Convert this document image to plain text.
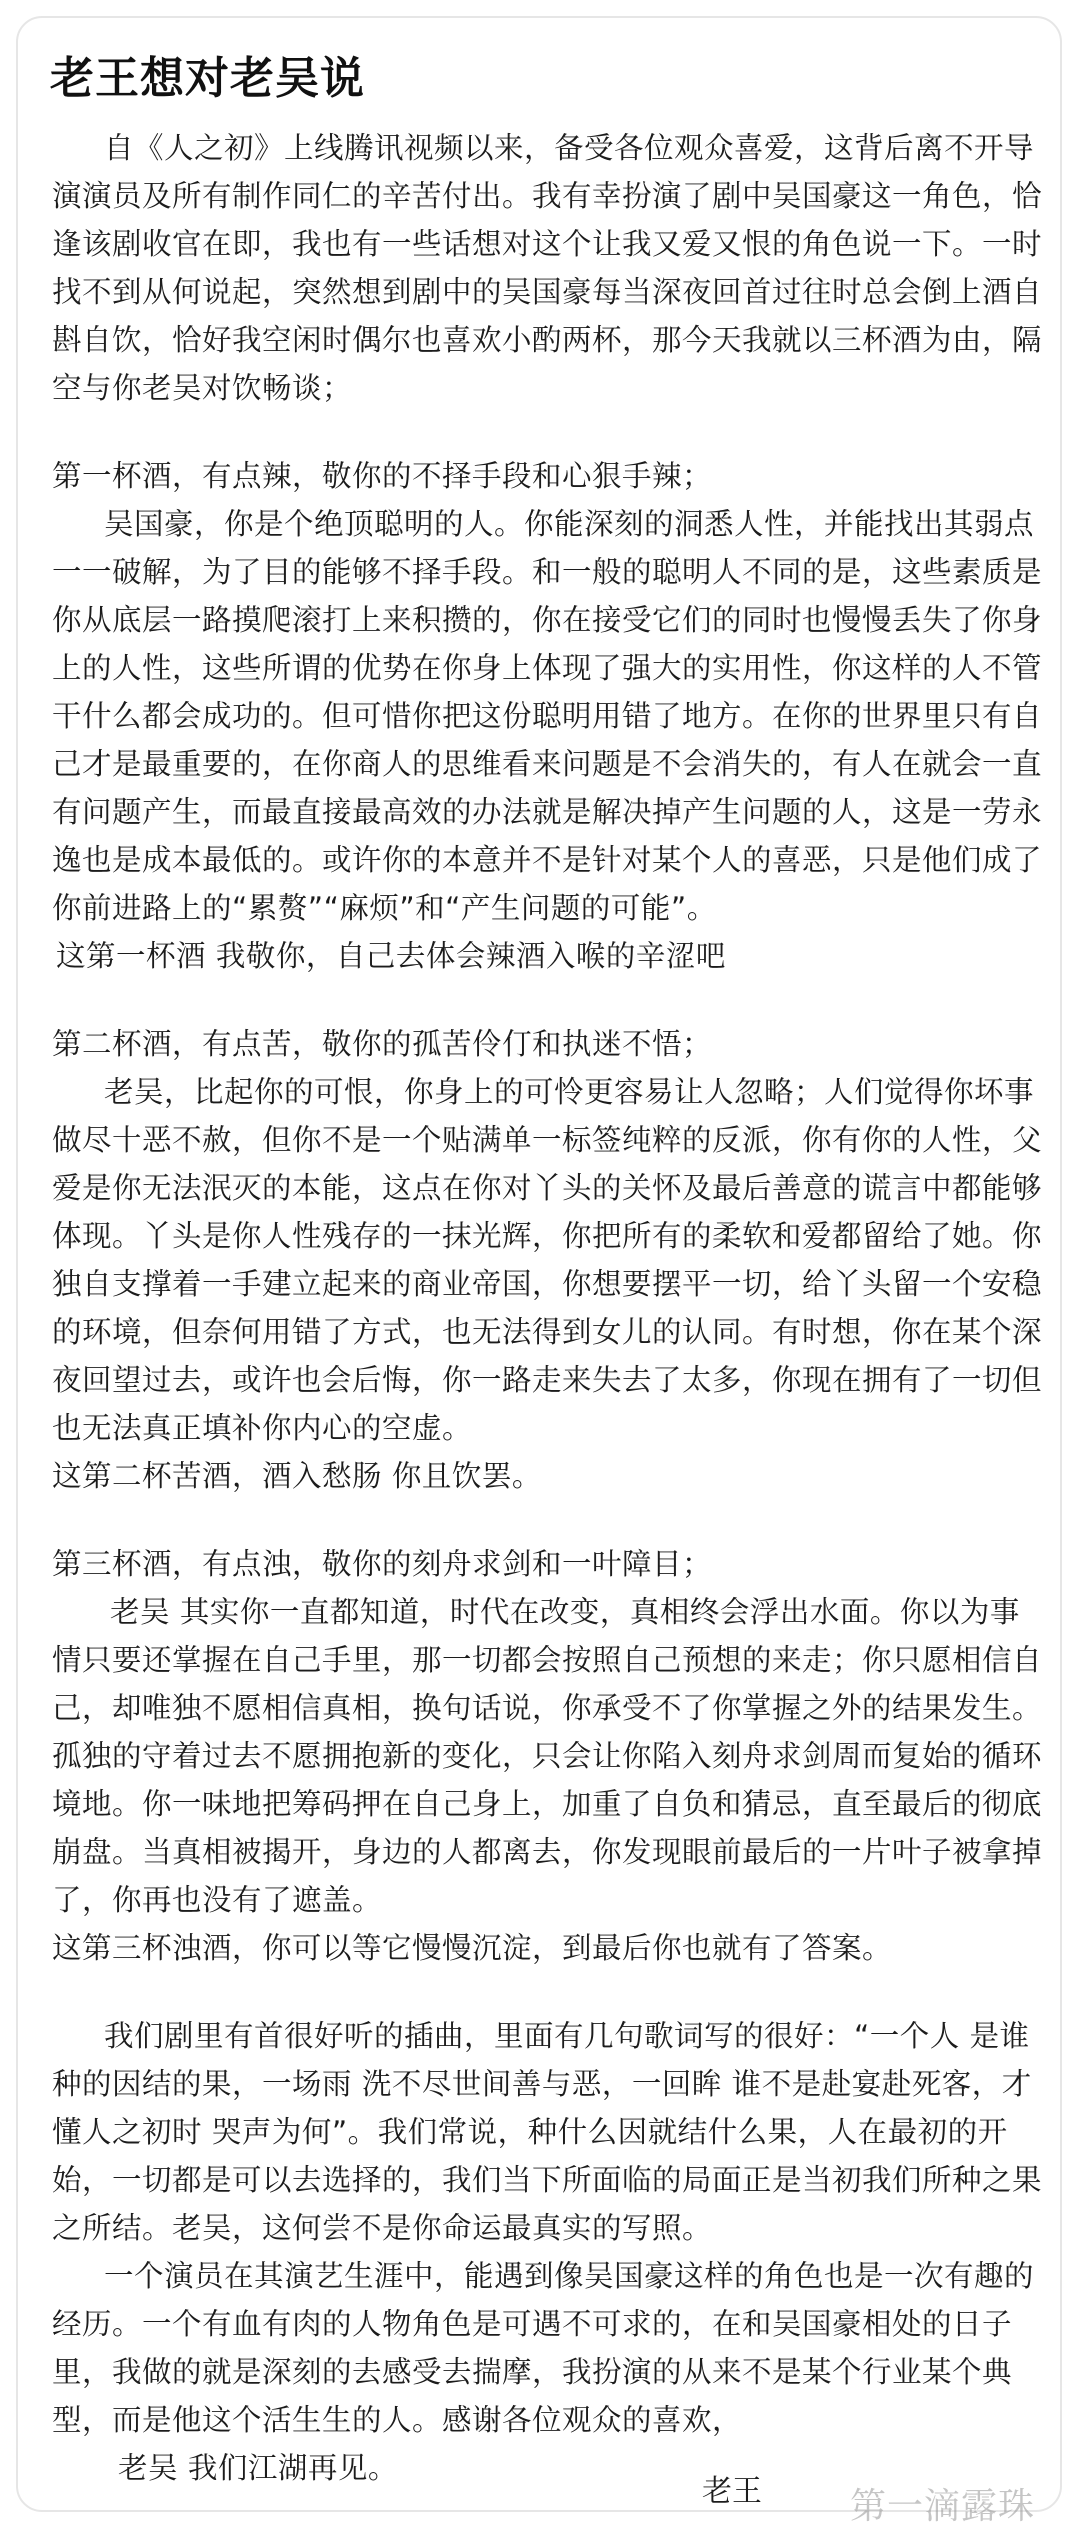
老王想对老吴说
自《人之初》上线腾讯视频以来，备受各位观众喜爱，这背后离不开导
演演员及所有制作同仁的辛苦付出。我有幸扮演了剧中吴国豪这一角色，恰
逢该剧收官在即，我也有一些话想对这个让我又爱又恨的角色说一下。一时
找不到从何说起，突然想到剧中的吴国豪每当深夜回首过往时总会倒上酒自
斟自饮，恰好我空闲时偶尔也喜欢小酌两杯，那今天我就以三杯酒为由，隔
空与你老吴对饮畅谈；
第一杯酒，有点辣，敬你的不择手段和心狠手辣；
吴国豪，你是个绝顶聪明的人。你能深刻的洞悉人性，并能找出其弱点
一一破解，为了目的能够不择手段。和一般的聪明人不同的是，这些素质是
你从底层一路摸爬滚打上来积攒的，你在接受它们的同时也慢慢丢失了你身
上的人性，这些所谓的优势在你身上体现了强大的实用性，你这样的人不管
干什么都会成功的。但可惜你把这份聪明用错了地方。在你的世界里只有自
己才是最重要的，在你商人的思维看来问题是不会消失的，有人在就会一直
有问题产生，而最直接最高效的办法就是解决掉产生问题的人，这是一劳永
逸也是成本最低的。或许你的本意并不是针对某个人的喜恶，只是他们成了
你前进路上的“累赘”“麻烦”和“产生问题的可能”。
这第一杯酒 我敬你，自己去体会辣酒入喉的辛涩吧
第二杯酒，有点苦，敬你的孤苦伶仃和执迷不悟；
老吴，比起你的可恨，你身上的可怜更容易让人忽略；人们觉得你坏事
做尽十恶不赦，但你不是一个贴满单一标签纯粹的反派，你有你的人性，父
爱是你无法泯灭的本能，这点在你对丫头的关怀及最后善意的谎言中都能够
体现。丫头是你人性残存的一抹光辉，你把所有的柔软和爱都留给了她。你
独自支撑着一手建立起来的商业帝国，你想要摆平一切，给丫头留一个安稳
的环境，但奈何用错了方式，也无法得到女儿的认同。有时想，你在某个深
夜回望过去，或许也会后悔，你一路走来失去了太多，你现在拥有了一切但
也无法真正填补你内心的空虚。
这第二杯苦酒，酒入愁肠 你且饮罢。
第三杯酒，有点浊，敬你的刻舟求剑和一叶障目；
老吴 其实你一直都知道，时代在改变，真相终会浮出水面。你以为事
情只要还掌握在自己手里，那一切都会按照自己预想的来走；你只愿相信自
己，却唯独不愿相信真相，换句话说，你承受不了你掌握之外的结果发生。
孤独的守着过去不愿拥抱新的变化，只会让你陷入刻舟求剑周而复始的循环
境地。你一味地把筹码押在自己身上，加重了自负和猜忌，直至最后的彻底
崩盘。当真相被揭开，身边的人都离去，你发现眼前最后的一片叶子被拿掉
了，你再也没有了遮盖。
这第三杯浊酒，你可以等它慢慢沉淀，到最后你也就有了答案。
我们剧里有首很好听的插曲，里面有几句歌词写的很好：“一个人 是谁
种的因结的果，一场雨 洗不尽世间善与恶，一回眸 谁不是赴宴赴死客，才
懂人之初时 哭声为何”。我们常说，种什么因就结什么果，人在最初的开
始，一切都是可以去选择的，我们当下所面临的局面正是当初我们所种之果
之所结。老吴，这何尝不是你命运最真实的写照。
一个演员在其演艺生涯中，能遇到像吴国豪这样的角色也是一次有趣的
经历。一个有血有肉的人物角色是可遇不可求的，在和吴国豪相处的日子
里，我做的就是深刻的去感受去揣摩，我扮演的从来不是某个行业某个典
型，而是他这个活生生的人。感谢各位观众的喜欢，
老吴 我们江湖再见。
老王 第一滴露珠
